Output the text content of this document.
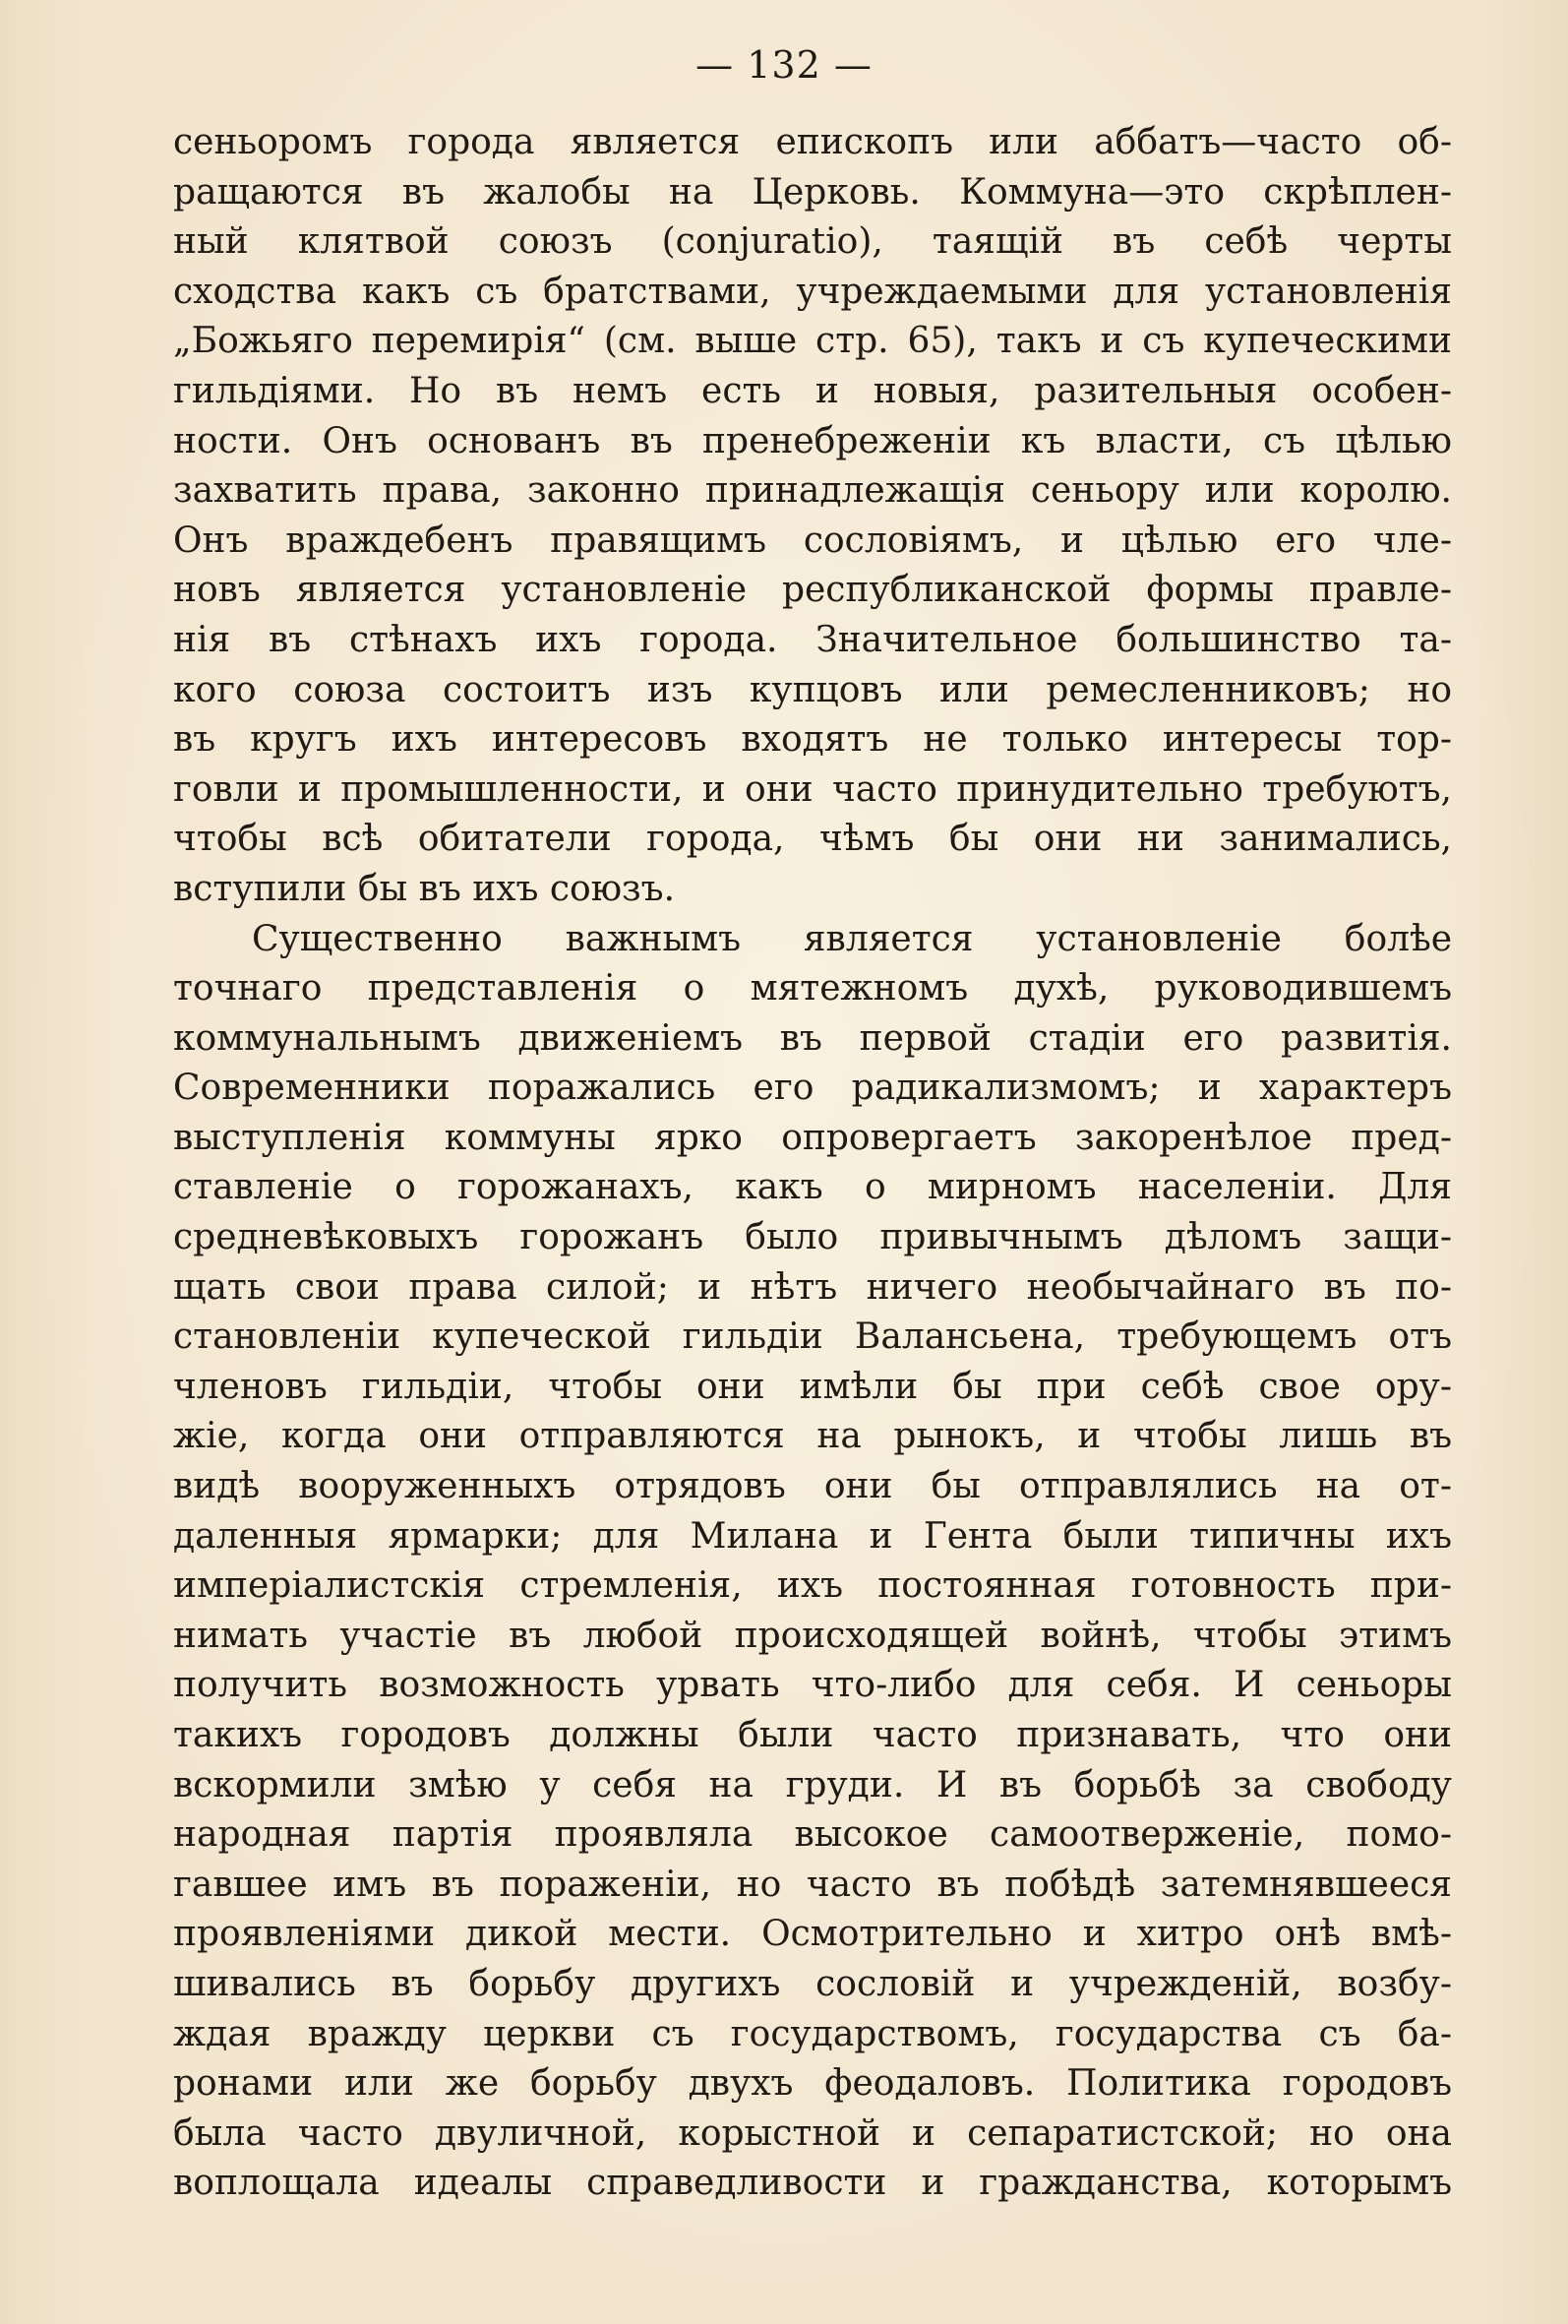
— 132 —
сеньоромъ города является епископъ или аббатъ—часто об-
ращаются въ жалобы на Церковь. Коммуна—это скрѣплен-
ный клятвой союзъ (conjuratio), таящій въ себѣ черты
сходства какъ съ братствами, учреждаемыми для установленія
„Божьяго перемирія“ (см. выше стр. 65), такъ и съ купеческими
гильдіями. Но въ немъ есть и новыя, разительныя особен-
ности. Онъ основанъ въ пренебреженіи къ власти, съ цѣлью
захватить права, законно принадлежащія сеньору или королю.
Онъ враждебенъ правящимъ сословіямъ, и цѣлью его чле-
новъ является установленіе республиканской формы правле-
нія въ стѣнахъ ихъ города. Значительное большинство та-
кого союза состоитъ изъ купцовъ или ремесленниковъ; но
въ кругъ ихъ интересовъ входятъ не только интересы тор-
говли и промышленности, и они часто принудительно требуютъ,
чтобы всѣ обитатели города, чѣмъ бы они ни занимались,
вступили бы въ ихъ союзъ.
Существенно важнымъ является установленіе болѣе
точнаго представленія о мятежномъ духѣ, руководившемъ
коммунальнымъ движеніемъ въ первой стадіи его развитія.
Современники поражались его радикализмомъ; и характеръ
выступленія коммуны ярко опровергаетъ закоренѣлое пред-
ставленіе о горожанахъ, какъ о мирномъ населеніи. Для
средневѣковыхъ горожанъ было привычнымъ дѣломъ защи-
щать свои права силой; и нѣтъ ничего необычайнаго въ по-
становленіи купеческой гильдіи Валансьена, требующемъ отъ
членовъ гильдіи, чтобы они имѣли бы при себѣ свое ору-
жіе, когда они отправляются на рынокъ, и чтобы лишь въ
видѣ вооруженныхъ отрядовъ они бы отправлялись на от-
даленныя ярмарки; для Милана и Гента были типичны ихъ
имперіалистскія стремленія, ихъ постоянная готовность при-
нимать участіе въ любой происходящей войнѣ, чтобы этимъ
получить возможность урвать что-либо для себя. И сеньоры
такихъ городовъ должны были часто признавать, что они
вскормили змѣю у себя на груди. И въ борьбѣ за свободу
народная партія проявляла высокое самоотверженіе, помо-
гавшее имъ въ пораженіи, но часто въ побѣдѣ затемнявшееся
проявленіями дикой мести. Осмотрительно и хитро онѣ вмѣ-
шивались въ борьбу другихъ сословій и учрежденій, возбу-
ждая вражду церкви съ государствомъ, государства съ ба-
ронами или же борьбу двухъ феодаловъ. Политика городовъ
была часто двуличной, корыстной и сепаратистской; но она
воплощала идеалы справедливости и гражданства, которымъ
